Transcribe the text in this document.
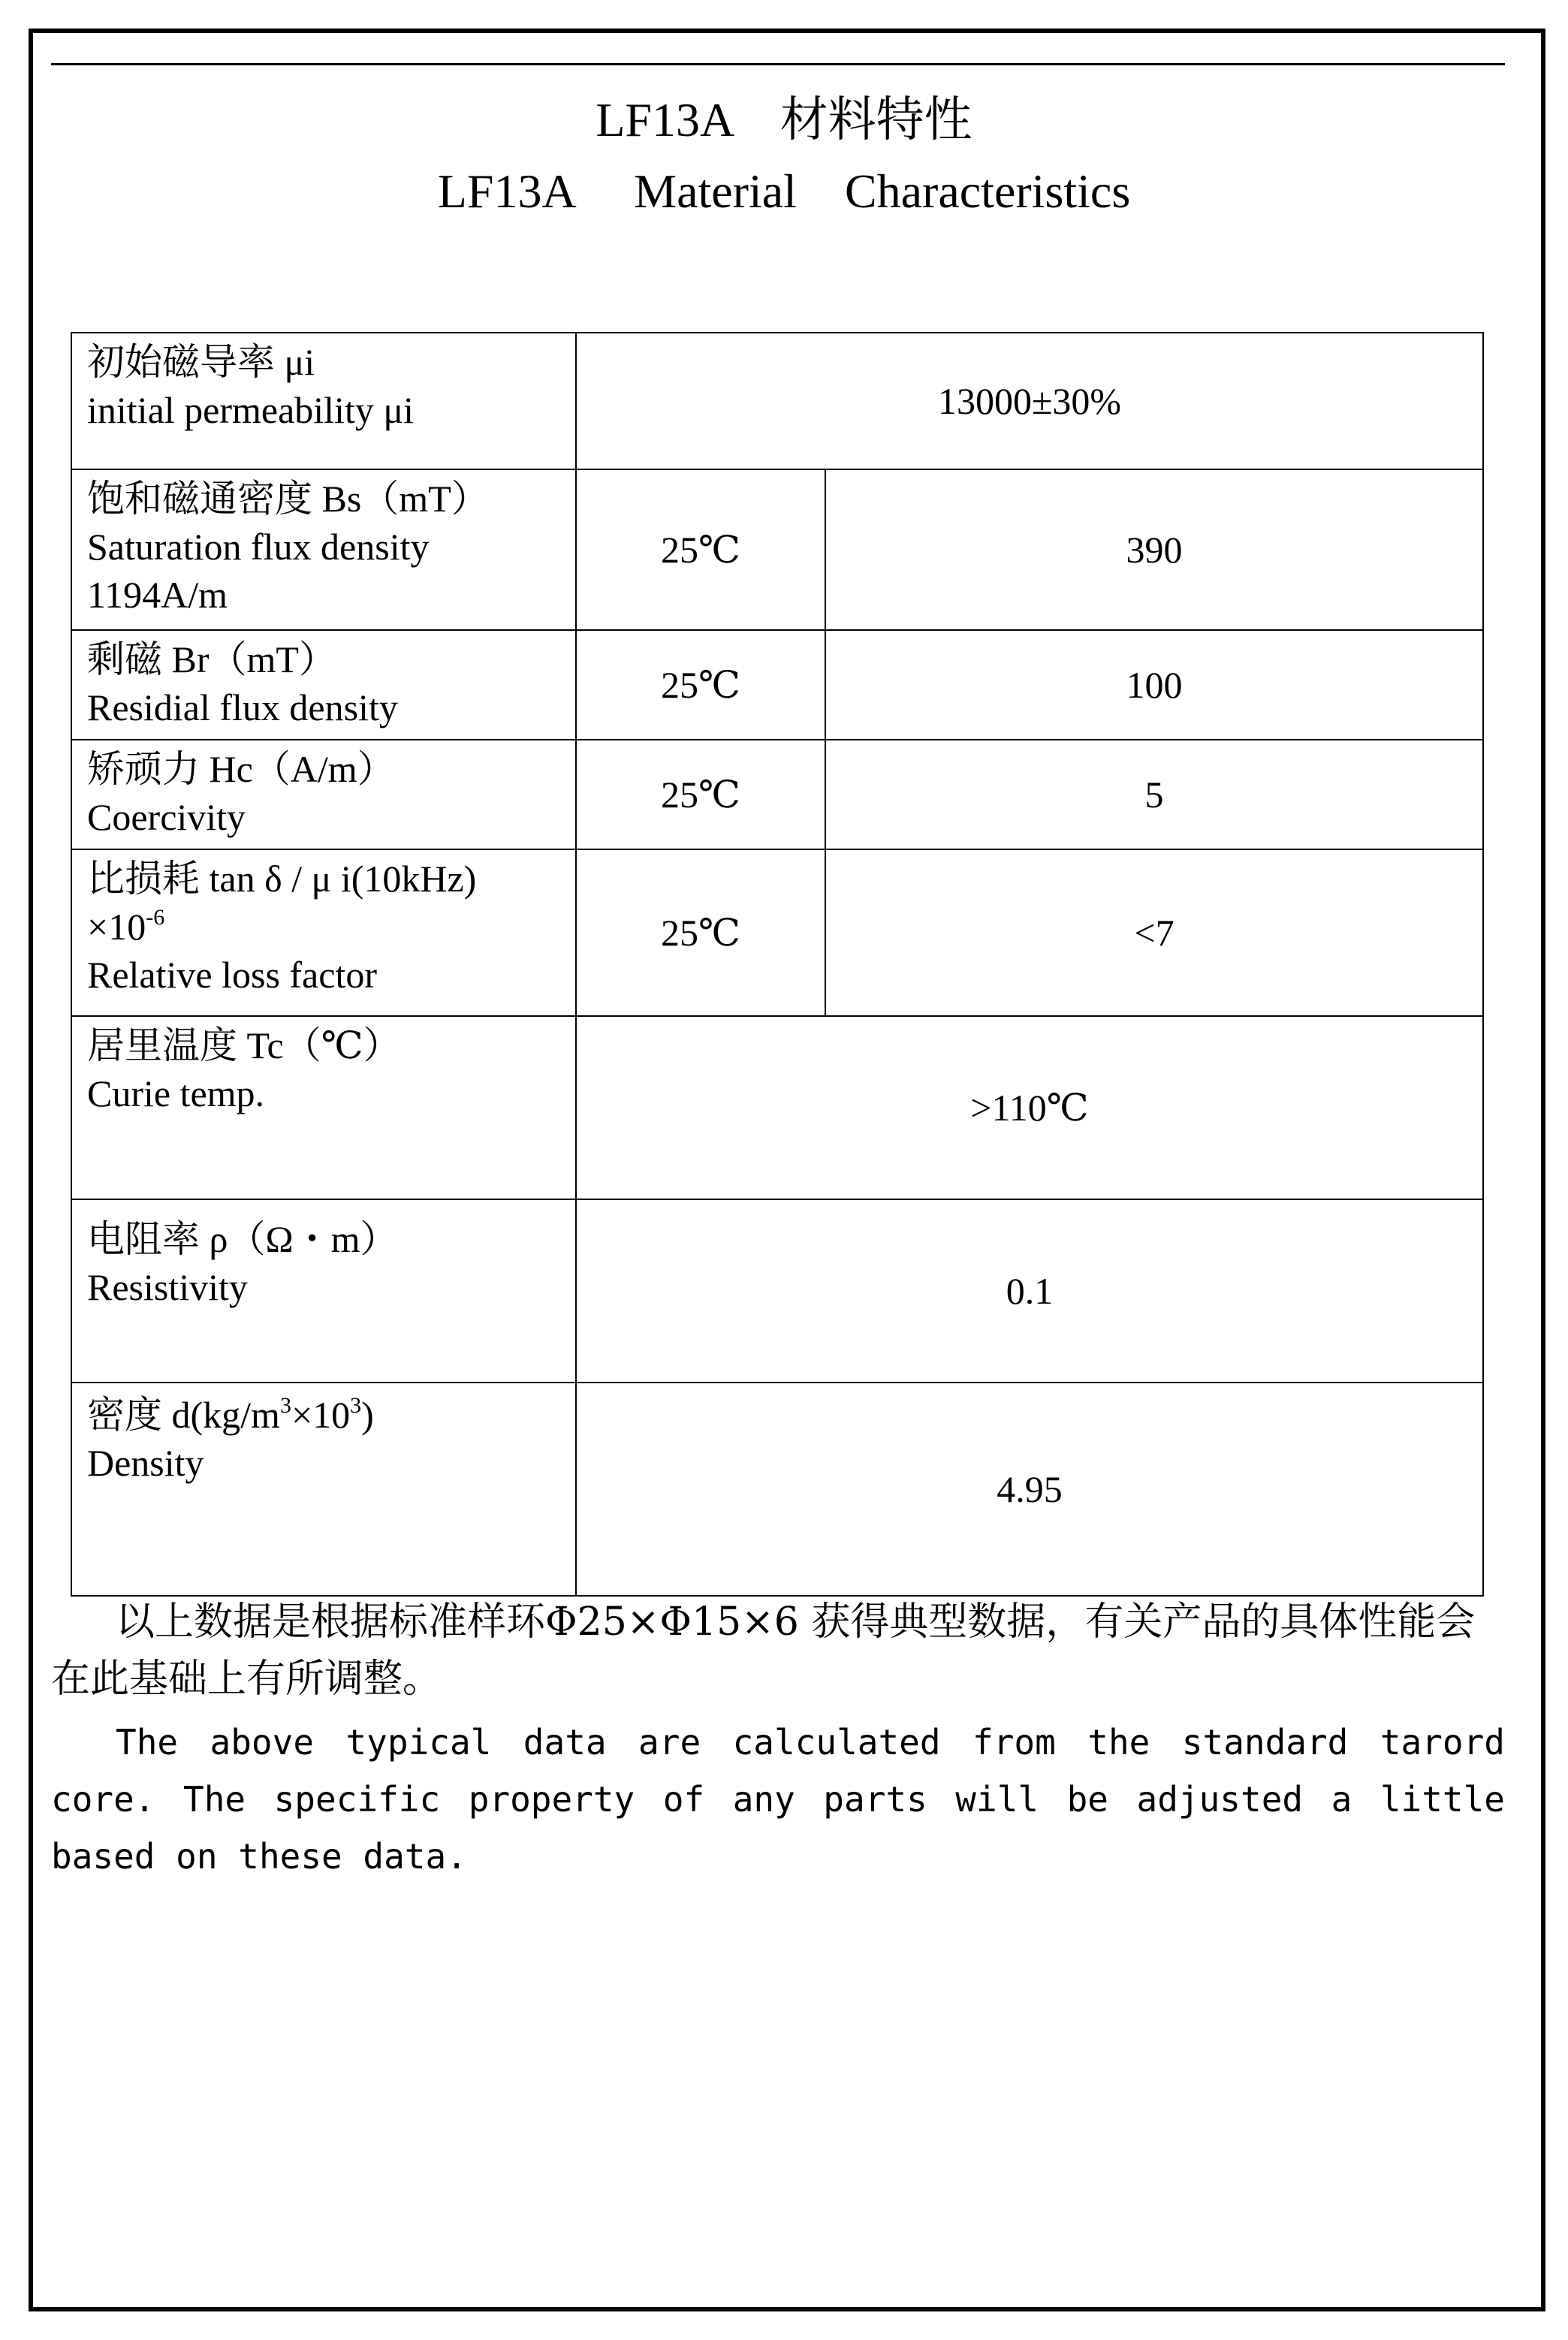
LF13A    材料特性
LF13A     Material    Characteristics
初始磁导率 μi
initial permeability μi	13000±30%	

饱和磁通密度 Bs（mT）
Saturation flux density
1194A/m	25℃	390

剩磁 Br（mT）
Residial flux density	25℃	100

矫顽力 Hc（A/m）
Coercivity	25℃	5

比损耗 tan δ / μ i(10kHz)
$\times 10^{-6}$
Relative loss factor	25℃	<7

居里温度 Tc（℃）
Curie temp.	>110℃	

电阻率 ρ（Ω・m）
Resistivity	0.1	

密度 $d(kg/m^3\times 10^3)$
Density	4.95	
以上数据是根据标准样环Φ25×Φ15×6 获得典型数据，有关产品的具体性能会在此基础上有所调整。
The above typical data are calculated from the standard tarord core. The specific property of any parts will be adjusted a little based on these data.
